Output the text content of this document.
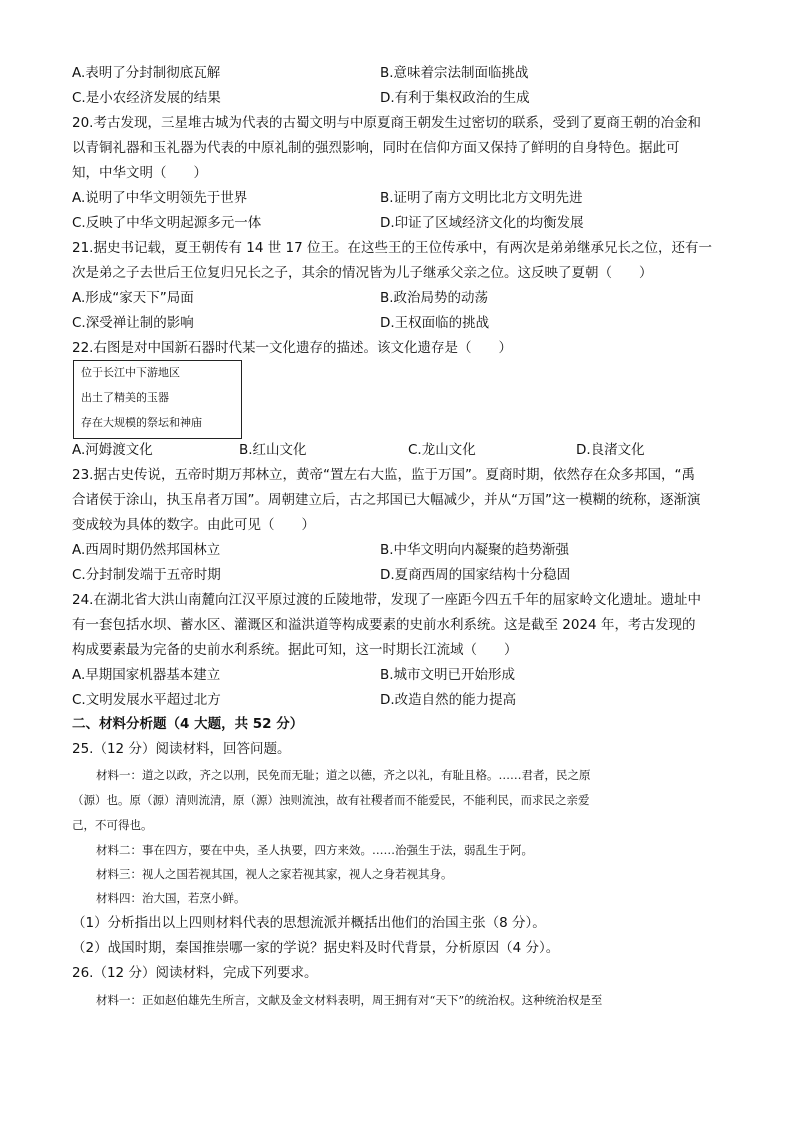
A.表明了分封制彻底瓦解	B.意味着宗法制面临挑战
C.是小农经济发展的结果	D.有利于集权政治的生成
20.考古发现，三星堆古城为代表的古蜀文明与中原夏商王朝发生过密切的联系，受到了夏商王朝的冶金和
以青铜礼器和玉礼器为代表的中原礼制的强烈影响，同时在信仰方面又保持了鲜明的自身特色。据此可
知，中华文明（　　）
A.说明了中华文明领先于世界	B.证明了南方文明比北方文明先进
C.反映了中华文明起源多元一体	D.印证了区域经济文化的均衡发展
21.据史书记载，夏王朝传有 14 世 17 位王。在这些王的王位传承中，有两次是弟弟继承兄长之位，还有一
次是弟之子去世后王位复归兄长之子，其余的情况皆为儿子继承父亲之位。这反映了夏朝（　　）
A.形成“家天下”局面	B.政治局势的动荡
C.深受禅让制的影响	D.王权面临的挑战
22.右图是对中国新石器时代某一文化遗存的描述。该文化遗存是（　　）
位于长江中下游地区
出土了精美的玉器
存在大规模的祭坛和神庙
A.河姆渡文化	B.红山文化	C.龙山文化	D.良渚文化
23.据古史传说，五帝时期万邦林立，黄帝“置左右大监，监于万国”。夏商时期，依然存在众多邦国，“禹
合诸侯于涂山，执玉帛者万国”。周朝建立后，古之邦国已大幅减少，并从“万国”这一模糊的统称，逐渐演
变成较为具体的数字。由此可见（　　）
A.西周时期仍然邦国林立	B.中华文明向内凝聚的趋势渐强
C.分封制发端于五帝时期	D.夏商西周的国家结构十分稳固
24.在湖北省大洪山南麓向江汉平原过渡的丘陵地带，发现了一座距今四五千年的屈家岭文化遗址。遗址中
有一套包括水坝、蓄水区、灌溉区和溢洪道等构成要素的史前水利系统。这是截至 2024 年，考古发现的
构成要素最为完备的史前水利系统。据此可知，这一时期长江流域（　　）
A.早期国家机器基本建立	B.城市文明已开始形成
C.文明发展水平超过北方	D.改造自然的能力提高
二、材料分析题（4 大题，共 52 分）
25.（12 分）阅读材料，回答问题。
材料一：道之以政，齐之以刑，民免而无耻；道之以德，齐之以礼，有耻且格。……君者，民之原
（源）也。原（源）清则流清，原（源）浊则流浊，故有社稷者而不能爱民，不能利民，而求民之亲爱
己，不可得也。
材料二：事在四方，要在中央，圣人执要，四方来效。……治强生于法，弱乱生于阿。
材料三：视人之国若视其国，视人之家若视其家，视人之身若视其身。
材料四：治大国，若烹小鲜。
（1）分析指出以上四则材料代表的思想流派并概括出他们的治国主张（8 分）。
（2）战国时期，秦国推崇哪一家的学说？据史料及时代背景，分析原因（4 分）。
26.（12 分）阅读材料，完成下列要求。
材料一：正如赵伯雄先生所言，文献及金文材料表明，周王拥有对“天下”的统治权。这种统治权是至
